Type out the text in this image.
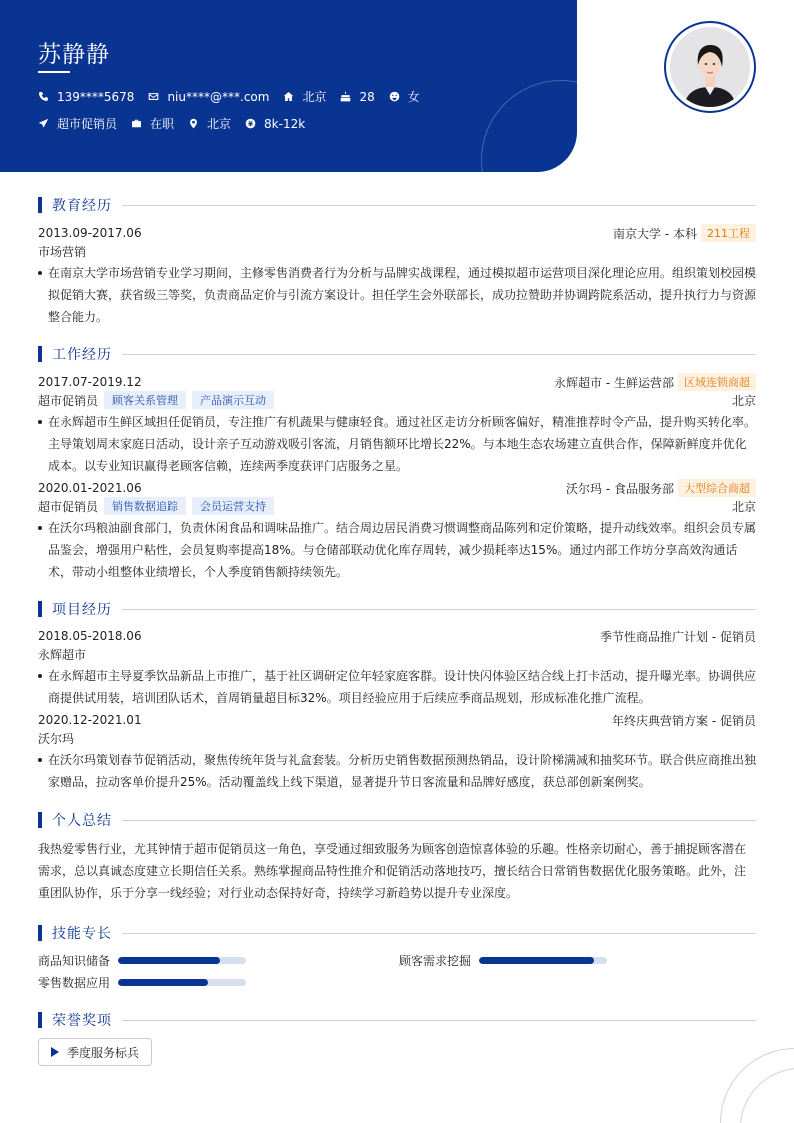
苏静静
139****5678	niu****@***.com	北京	28	女
超市促销员	在职	北京	8k-12k
教育经历
2013.09-2017.06	南京大学 - 本科 211工程
市场营销
在南京大学市场营销专业学习期间，主修零售消费者行为分析与品牌实战课程，通过模拟超市运营项目深化理论应用。组织策划校园模拟促销大赛，获省级三等奖，负责商品定价与引流方案设计。担任学生会外联部长，成功拉赞助并协调跨院系活动，提升执行力与资源整合能力。
工作经历
2017.07-2019.12	永辉超市 - 生鲜运营部 区域连锁商超
超市促销员	顾客关系管理	产品演示互动	北京
在永辉超市生鲜区域担任促销员，专注推广有机蔬果与健康轻食。通过社区走访分析顾客偏好，精准推荐时令产品，提升购买转化率。主导策划周末家庭日活动，设计亲子互动游戏吸引客流，月销售额环比增长22%。与本地生态农场建立直供合作，保障新鲜度并优化成本。以专业知识赢得老顾客信赖，连续两季度获评门店服务之星。
2020.01-2021.06	沃尔玛 - 食品服务部 大型综合商超
超市促销员	销售数据追踪	会员运营支持	北京
在沃尔玛粮油副食部门，负责休闲食品和调味品推广。结合周边居民消费习惯调整商品陈列和定价策略，提升动线效率。组织会员专属品鉴会，增强用户粘性，会员复购率提高18%。与仓储部联动优化库存周转，减少损耗率达15%。通过内部工作坊分享高效沟通话术，带动小组整体业绩增长，个人季度销售额持续领先。
项目经历
2018.05-2018.06	季节性商品推广计划 - 促销员
永辉超市
在永辉超市主导夏季饮品新品上市推广，基于社区调研定位年轻家庭客群。设计快闪体验区结合线上打卡活动，提升曝光率。协调供应商提供试用装，培训团队话术，首周销量超目标32%。项目经验应用于后续应季商品规划，形成标准化推广流程。
2020.12-2021.01	年终庆典营销方案 - 促销员
沃尔玛
在沃尔玛策划春节促销活动，聚焦传统年货与礼盒套装。分析历史销售数据预测热销品，设计阶梯满减和抽奖环节。联合供应商推出独家赠品，拉动客单价提升25%。活动覆盖线上线下渠道，显著提升节日客流量和品牌好感度，获总部创新案例奖。
个人总结
我热爱零售行业，尤其钟情于超市促销员这一角色，享受通过细致服务为顾客创造惊喜体验的乐趣。性格亲切耐心，善于捕捉顾客潜在需求，总以真诚态度建立长期信任关系。熟练掌握商品特性推介和促销活动落地技巧，擅长结合日常销售数据优化服务策略。此外，注重团队协作，乐于分享一线经验；对行业动态保持好奇，持续学习新趋势以提升专业深度。
技能专长
商品知识储备	顾客需求挖掘
零售数据应用
荣誉奖项
季度服务标兵
